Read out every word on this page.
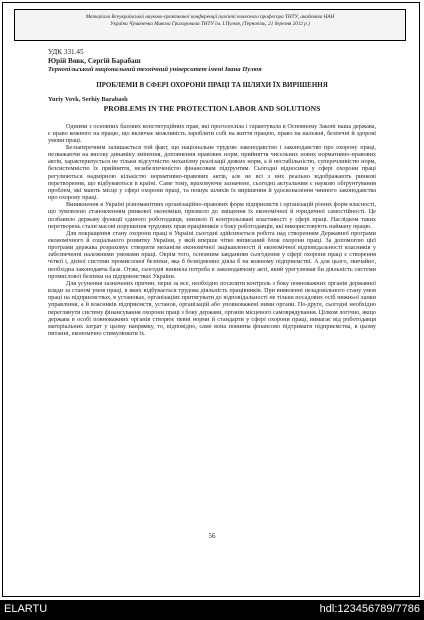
Матеріали Всеукраїнської науково-практичної конференції пам'яті почесного професора ТНТУ, академіка НАН
України Чумаченка Миколи Григоровича ТНТУ ім. І.Пулюя, (Тернопіль, 21 березня 2012 р.)
УДК 331.45
Юрій Вовк, Сергій Барабаш
Тернопільський національний технічний університет імені Івана Пулюя
ПРОБЛЕМИ В СФЕРІ ОХОРОНИ ПРАЦІ ТА ШЛЯХИ ЇХ ВИРІШЕННЯ
Yuriy Vovk, Serhiy Barabash
PROBLEMS IN THE PROTECTION LABOR AND SOLUTIONS

Одними з основних базових конституційних прав, які проголосила і гарантувала в Основному Законі наша держава, є право кожного на працю, що включає можливість заробляти собі на життя працею, право на належні, безпечні й здорові умови праці.

Беззаперечним залишається той факт, що національне трудове законодавство і законодавство про охорону праці, незважаючи на високу динаміку змінення, доповнення правових норм, прийняття чисельних нових нормативно-правових актів, характеризується не тільки відсутністю механізму реалізації деяких норм, а й нестабільністю, суперечливістю норм, безсистемністю їх прийняття, незабезпеченістю фінансовим підґрунтям. Сьогодні відносини у сфері охорони праці регулюються надмірною кількістю нормативно-правових актів, але не всі з них реально відображають ринкові перетворення, що відбуваються в країні. Саме тому, враховуючи зазначене, сьогодні актуальним є науково обґрунтування проблем, які мають місце у сфері охорони праці, та пошук шляхів їх вирішення й удосконалення чинного законодавства про охорону праці.

Виникнення в Україні різноманітних організаційно-правових форм підприємств і організацій різних форм власності, що зумовлено становленням ринкової економіки, призвело до зміщення їх економічної й юридичної самостійності. Це позбавило державу функції єдиного роботодавця, знизило її контрольовані властивості у сфері праці. Наслідком таких перетворень стали масові порушення трудових прав працівників з боку роботодавців, які використовують найману працю.

Для покращення стану охорони праці в Україні сьогодні здійснюється робота над створенням Державної програми економічного й соціального розвитку України, у якій вперше чітко виписаний блок охорони праці. За допомогою цієї програми держава розраховує створити механізм економічної зацікавленості й економічної відповідальності власників у забезпеченні належними умовами праці. Окрім того, основним завданням сьогодення у сфері охорони праці є створення чіткої і, дієвої системи промислової безпеки, яка б безвідмовно діяла б на кожному підприємстві. А для цього, звичайно, необхідна законодавча база. Отже, сьогодні виникла потреба в законодавчому акті, який урегулював би діяльність системи промислової безпеки на підприємствах України.

Для усунення зазначених причин, перш за все, необхідно посилити контроль з боку повноважних органів державної влади за станом умов праці, в яких відбувається трудова діяльність працівників. При виявленні незадовільного стану умов праці на підприємствах, в установах, організаціях притягувати до відповідальності не тільки посадових осіб нижньої ланки управління, а й власників підприємств, установ, організацій або уповноважені ними органи. По-друге, сьогодні необхідно переглянути систему фінансування охорони праці з боку держави, органів місцевого самоврядування. Цілком логічно, якщо держава в особі повноважних органів створює певні норми й стандарти у сфері охорони праці, вимагає від роботодавця матеріальних затрат у цьому напрямку, то, відповідно, саме вона повинна фінансово підтримати підприємства, в цьому питанні, економічно стимулювати їх.

56
ELARTU	hdl:123456789/7786
